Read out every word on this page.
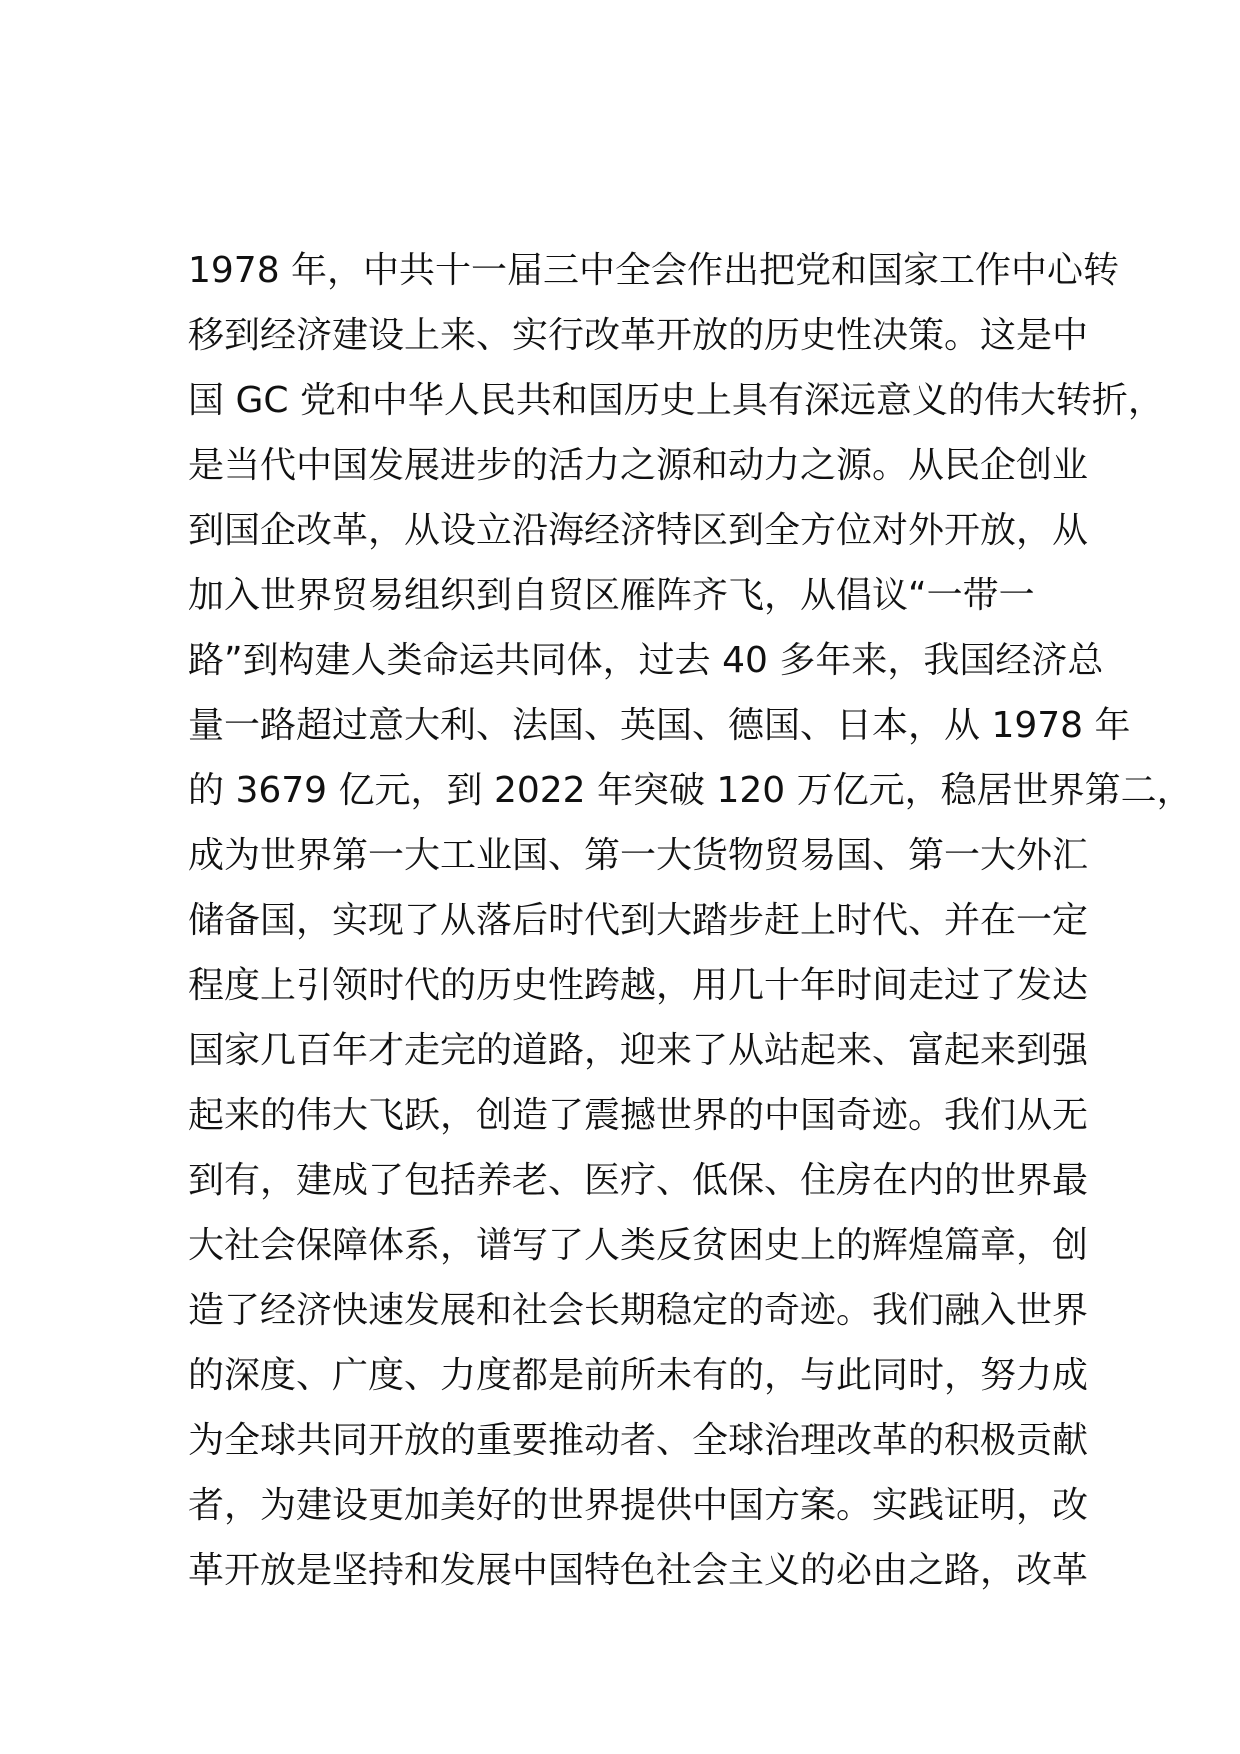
1978 年，中共十一届三中全会作出把党和国家工作中心转
移到经济建设上来、实行改革开放的历史性决策。这是中
国 GC 党和中华人民共和国历史上具有深远意义的伟大转折，
是当代中国发展进步的活力之源和动力之源。从民企创业
到国企改革，从设立沿海经济特区到全方位对外开放，从
加入世界贸易组织到自贸区雁阵齐飞，从倡议“一带一
路”到构建人类命运共同体，过去 40 多年来，我国经济总
量一路超过意大利、法国、英国、德国、日本，从 1978 年
的 3679 亿元，到 2022 年突破 120 万亿元，稳居世界第二，
成为世界第一大工业国、第一大货物贸易国、第一大外汇
储备国，实现了从落后时代到大踏步赶上时代、并在一定
程度上引领时代的历史性跨越，用几十年时间走过了发达
国家几百年才走完的道路，迎来了从站起来、富起来到强
起来的伟大飞跃，创造了震撼世界的中国奇迹。我们从无
到有，建成了包括养老、医疗、低保、住房在内的世界最
大社会保障体系，谱写了人类反贫困史上的辉煌篇章，创
造了经济快速发展和社会长期稳定的奇迹。我们融入世界
的深度、广度、力度都是前所未有的，与此同时，努力成
为全球共同开放的重要推动者、全球治理改革的积极贡献
者，为建设更加美好的世界提供中国方案。实践证明，改
革开放是坚持和发展中国特色社会主义的必由之路，改革
